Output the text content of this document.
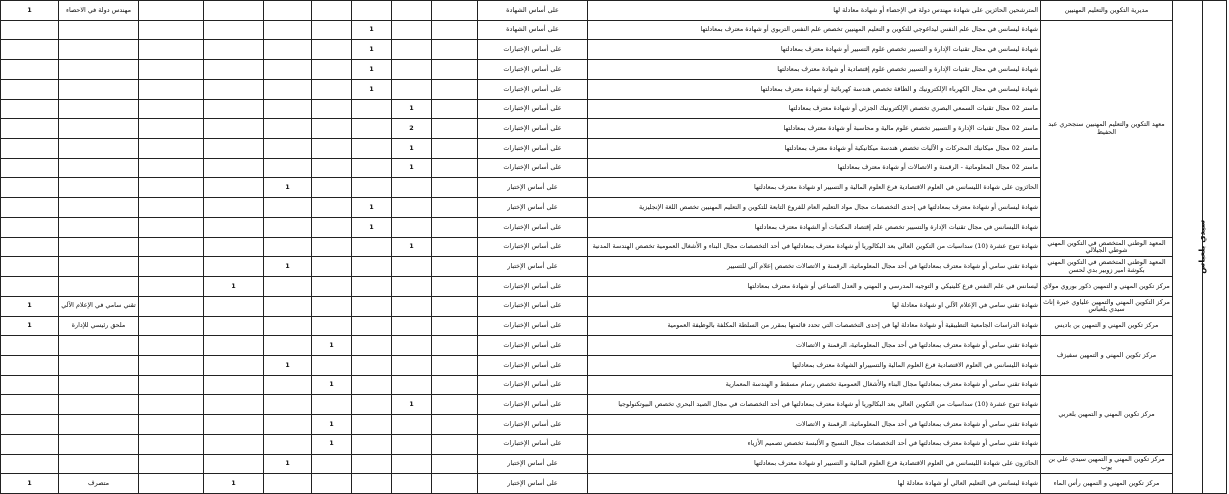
1	مهندس دولة في الاحصاء								على أساس الشهادة	المترشحين الحائزين على شهادة مهندس دولة في الإحصاء أو شهادة معادلة لها	مديرية التكوين والتعليم المهنيين	سيدي بلعباس	
						1			على أساس الشهادة	شهادة ليسانس في مجال علم النفس ليداغوجي للتكوين و التعليم المهنيين تخصص علم النفس التربوي أو شهادة معترف بمعادلتها	معهد التكوين والتعليم المهنيين سنجحري عبد الحفيظ		
						1			على أساس الإختبارات	شهادة ليسانس في مجال تقنيات الإدارة و التسيير تخصص علوم التسيير أو شهادة معترف بمعادلتها			
						1			على أساس الإختبارات	شهادة ليسانس في مجال تقنيات الإدارة و التسيير تخصص علوم إقتصادية أو شهادة معترف بمعادلتها			
						1			على أساس الإختبارات	شهادة ليسانس في مجال الكهرباء الإلكترونيك و الطاقة تخصص هندسة كهربائية أو شهادة معترف بمعادلتها			
							1		على أساس الإختبارات	ماستر 02 مجال تقنيات السمعي البصري تخصص الإلكترونيك الجزئي أو شهادة معترف بمعادلتها			
							2		على أساس الإختبارات	ماستر 02 مجال تقنيات الإدارة و التسيير تخصص علوم مالية و محاسبة أو شهادة معترف بمعادلتها			
							1		على أساس الإختبارات	ماستر 02 مجال ميكانيك المحركات و الآليات تخصص هندسة ميكانيكية أو شهادة معترف بمعادلتها			
							1		على أساس الإختبارات	ماستر 02 مجال المعلوماتية - الرقمنة و الاتصالات أو شهادة معترف بمعادلتها			
				1					على أساس الإختبار	الحائزون على شهادة الليسانس في العلوم الاقتصادية فرع العلوم المالية و التسيير او شهادة معترف بمعادلتها			
						1			على أساس الإختبار	شهادة ليسانس أو شهادة معترف بمعادلتها في إحدى التخصصات مجال مواد التعليم العام للفروع التابعة للتكوين و التعليم المهنيين تخصص اللغة الإنجليزية			
						1			على أساس الإختبارات	شهادة الليسانس في مجال تقنيات الإدارة والتسيير تخصص علم إقتصاد المكتبات أو الشهادة معترف بمعادلتها			
							1		على أساس الإختبارات	شهادة تتوج عشرة (10) سداسيات من التكوين العالي بعد البكالوريا أو شهادة معترف بمعادلتها في أحد التخصصات مجال البناء و الأشغال العمومية تخصص الهندسة المدنية	المعهد الوطني المتخصص في التكوين المهني شوطي الجيلالي		
				1					على أساس الإختبار	شهادة تقني سامي أو شهادة معترف بمعادلتها في أحد مجال المعلوماتية، الرقمنة و الاتصالات تخصص إعلام آلي للتسيير	المعهد الوطني المتخصص في التكوين المهني بكوشة امير زوبير بدي لحسن		
			1						على أساس الإختبارات	ليسانس في علم النفس فرع كلينيكي و التوجيه المدرسي و المهني و العدل الصناعي أو شهادة معترف بمعادلتها	مركز تكوين المهني و التمهين ذكور بوروي مولاي		
1	تقني سامي في الإعلام الآلي								على أساس الإختبارات	شهادة تقني سامي في الإعلام الآلي او شهادة معادلة لها	مركز التكوين المهني والتمهين علياوي خيرة إناث سيدي بلعباس		
1	ملحق رئيسي للإدارة								على أساس الإختبارات	شهادة الدراسات الجامعية التطبيقية أو شهادة معادلة لها في إحدى التخصصات التي تحدد قائمتها بمقرر من السلطة المكلفة بالوظيفة العمومية	مركز تكوين المهني و التمهين بن باديس		
					1				على أساس الإختبارات	شهادة تقني سامي أو شهادة معترف بمعادلتها في أحد مجال المعلوماتية، الرقمنة و الاتصالات	مركز تكوين المهني و التمهين سفيزف		
				1					على أساس الإختبارات	شهادة الليسانس في العلوم الاقتصادية فرع العلوم المالية والتسييراو الشهادة معترف بمعادلتها			
					1				على أساس الإختبارات	شهادة تقني سامي أو شهادة معترف بمعادلتها مجال البناء والأشغال العمومية تخصص رسام مسقط و الهندسة المعمارية	مركز تكوين المهني و التمهين بلعربي		
							1		على أساس الإختبارات	شهادة تتوج عشرة (10) سداسيات من التكوين العالي بعد البكالوريا أو شهادة معترف بمعادلتها في أحد التخصصات في مجال الصيد البحري تخصص البيوتكنولوجيا			
					1				على أساس الإختبارات	شهادة تقني سامي أو شهادة معترف بمعادلتها في أحد مجال المعلوماتية، الرقمنة و الاتصالات			
					1				على أساس الإختبارات	شهادة تقني سامي أو شهادة معترف بمعادلتها في أحد التخصصات مجال النسيج و الألبسة تخصص تصميم الأزياء			
				1					على أساس الإختبار	الحائزون على شهادة الليسانس في العلوم الاقتصادية فرع العلوم المالية و التسيير او شهادة معترف بمعادلتها	مركز تكوين المهني و التمهين سيدي علي بن يوب		
1	متصرف		1						على أساس الإختبار	شهادة ليسانس في التعليم العالي أو شهادة معادلة لها	مركز تكوين المهني و التمهين رأس الماء		
